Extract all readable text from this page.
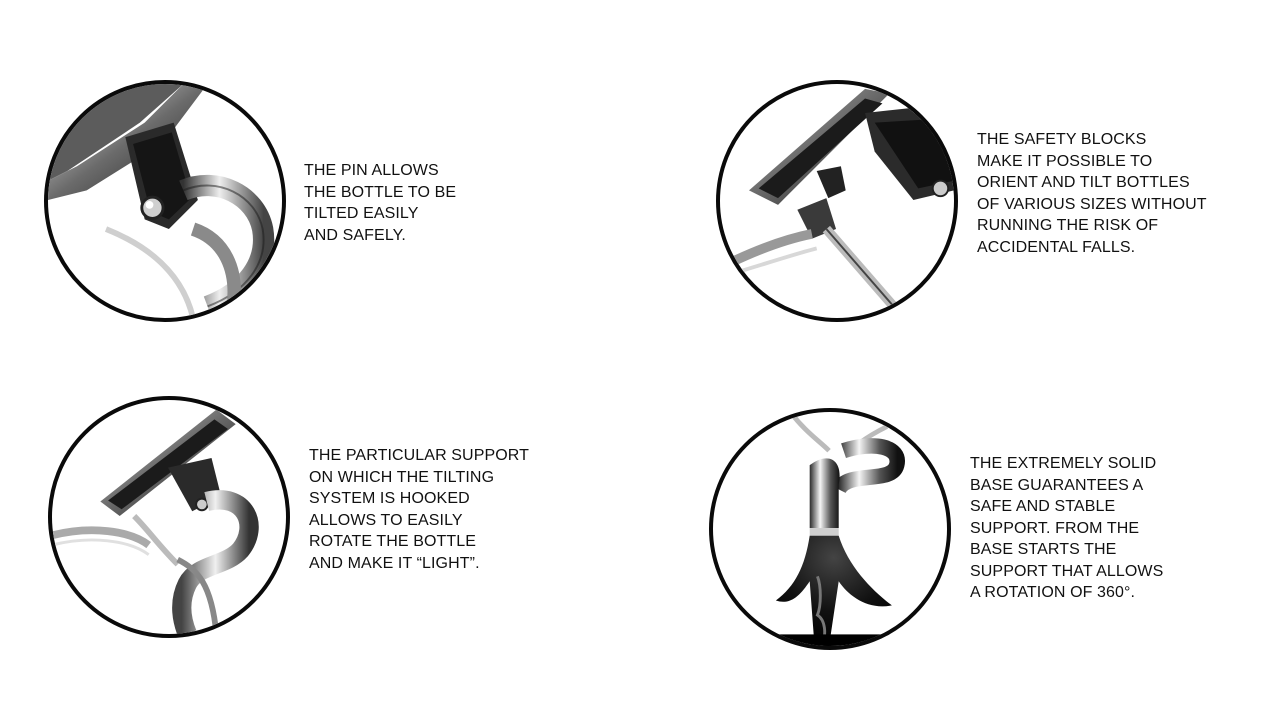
THE PIN ALLOWS
THE BOTTLE TO BE
TILTED EASILY
AND SAFELY.

THE SAFETY BLOCKS
MAKE IT POSSIBLE TO
ORIENT AND TILT BOTTLES
OF VARIOUS SIZES WITHOUT
RUNNING THE RISK OF
ACCIDENTAL FALLS.

THE PARTICULAR SUPPORT
ON WHICH THE TILTING
SYSTEM IS HOOKED
ALLOWS TO EASILY
ROTATE THE BOTTLE
AND MAKE IT “LIGHT”.

THE EXTREMELY SOLID
BASE GUARANTEES A
SAFE AND STABLE
SUPPORT. FROM THE
BASE STARTS THE
SUPPORT THAT ALLOWS
A ROTATION OF 360°.
